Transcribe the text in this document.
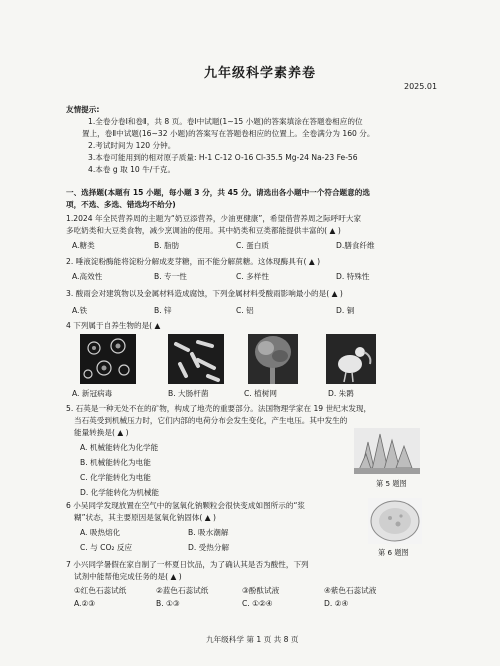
九年级科学素养卷
2025.01
友情提示:
1.全卷分卷Ⅰ和卷Ⅱ，共 8 页。卷Ⅰ中试题(1~15 小题)的答案填涂在答题卷相应的位
置上，卷Ⅱ中试题(16~32 小题)的答案写在答题卷相应的位置上。全卷满分为 160 分。
2.考试时间为 120 分钟。
3.本卷可能用到的相对原子质量: H-1 C-12 O-16 Cl-35.5 Mg-24 Na-23 Fe-56
4.本卷 g 取 10 牛/千克。
一、选择题(本题有 15 小题，每小题 3 分，共 45 分。请选出各小题中一个符合题意的选
项，不选、多选、错选均不给分)
1.2024 年全民营养周的主题为“奶豆添营养，少油更健康”，希望借营养周之际呼吁大家
多吃奶类和大豆类食物，减少烹调油的使用。其中奶类和豆类都能提供丰富的( ▲ )
A.糖类	B. 脂肪	C. 蛋白质	D.膳食纤维
2. 唾液淀粉酶能将淀粉分解成麦芽糖，而不能分解蔗糖。这体现酶具有( ▲ )
A.高效性	B. 专一性	C. 多样性	D. 特殊性
3. 酸雨会对建筑物以及金属材料造成腐蚀，下列金属材料受酸雨影响最小的是( ▲ )
A.铁	B. 锌	C. 铝	D. 铜
4 下列属于自养生物的是( ▲
A. 新冠病毒	B. 大肠杆菌	C. 植树网	D. 朱鹮
5. 石英是一种无处不在的矿物，构成了地壳的重要部分。法国物理学家在 19 世纪末发现，
当石英受到机械压力时，它们内部的电荷分布会发生变化，产生电压。其中发生的
能量转换是( ▲ )
A. 机械能转化为化学能
B. 机械能转化为电能
C. 化学能转化为电能
D. 化学能转化为机械能
第 5 题图
6 小吴同学发现放置在空气中的氢氧化钠颗粒会很快变成如图所示的“浆
糊”状态，其主要原因是氢氧化钠固体( ▲ )
A. 吸热熔化	B. 吸水潮解
C. 与 CO₂ 反应	D. 受热分解
第 6 题图
7 小兴同学暑假在家自制了一杯夏日饮品，为了确认其是否为酸性，下列
试剂中能帮他完成任务的是( ▲ )
①红色石蕊试纸	②蓝色石蕊试纸	③酚酞试液	④紫色石蕊试液
A.②③	B. ①③	C. ①②④	D. ②④
九年级科学 第 1 页 共 8 页
